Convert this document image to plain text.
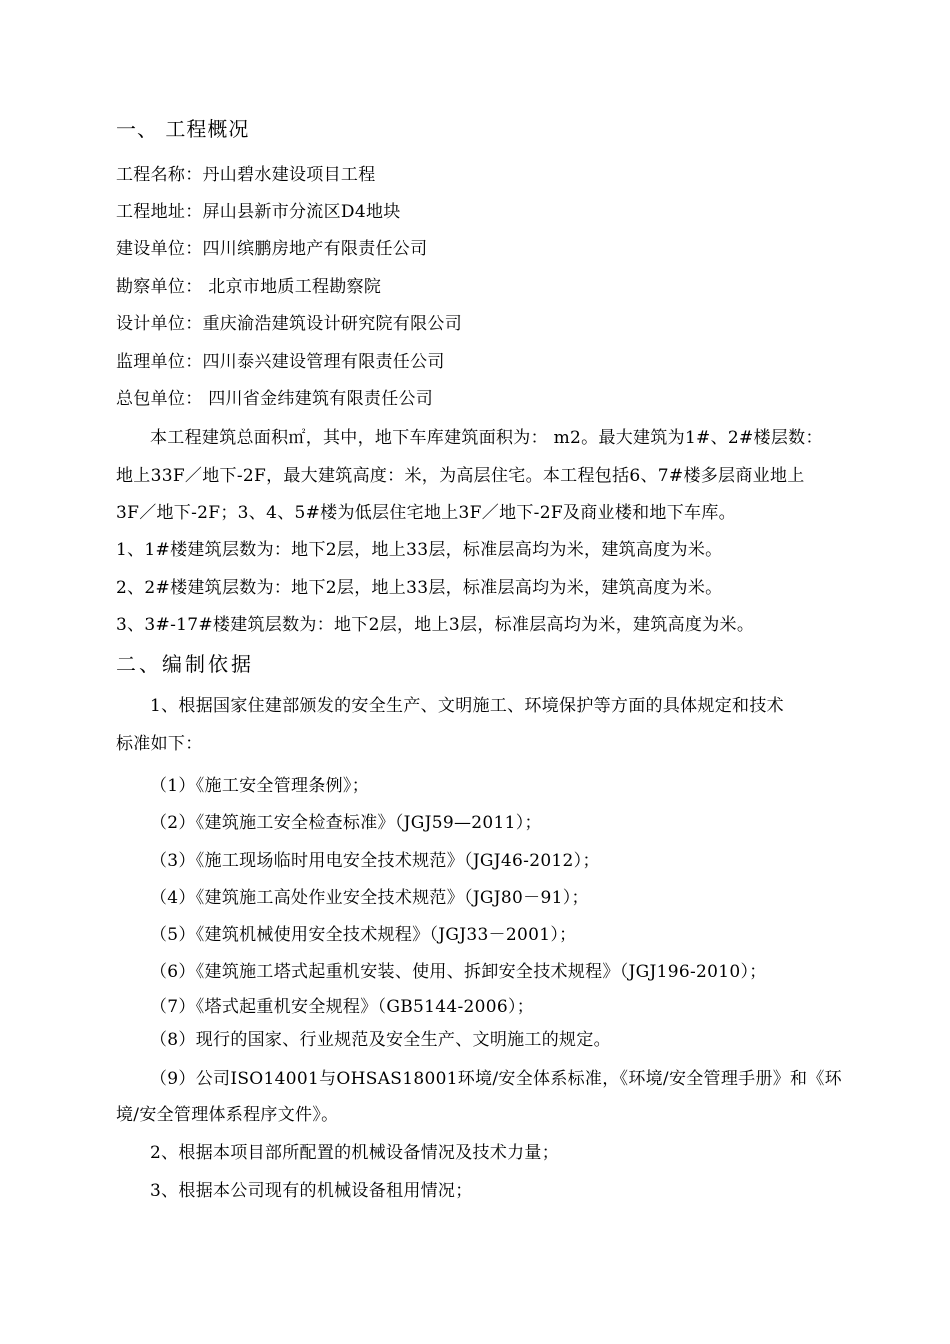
一、 工程概况
工程名称：丹山碧水建设项目工程
工程地址：屏山县新市分流区D4地块
建设单位：四川缤鹏房地产有限责任公司
勘察单位： 北京市地质工程勘察院
设计单位：重庆渝浩建筑设计研究院有限公司
监理单位：四川泰兴建设管理有限责任公司
总包单位： 四川省金纬建筑有限责任公司
本工程建筑总面积㎡，其中，地下车库建筑面积为： m2。最大建筑为1#、2#楼层数：
地上33F／地下-2F，最大建筑高度：米，为高层住宅。本工程包括6、7#楼多层商业地上
3F／地下-2F；3、4、5#楼为低层住宅地上3F／地下-2F及商业楼和地下车库。
1、1#楼建筑层数为：地下2层，地上33层，标准层高均为米，建筑高度为米。
2、2#楼建筑层数为：地下2层，地上33层，标准层高均为米，建筑高度为米。
3、3#-17#楼建筑层数为：地下2层，地上3层，标准层高均为米，建筑高度为米。
二、编制依据
1、根据国家住建部颁发的安全生产、文明施工、环境保护等方面的具体规定和技术
标准如下：
（1）《施工安全管理条例》；
（2）《建筑施工安全检查标准》（JGJ59—2011）；
（3）《施工现场临时用电安全技术规范》（JGJ46-2012）；
（4）《建筑施工高处作业安全技术规范》（JGJ80－91）；
（5）《建筑机械使用安全技术规程》（JGJ33－2001）；
（6）《建筑施工塔式起重机安装、使用、拆卸安全技术规程》（JGJ196-2010）；
（7）《塔式起重机安全规程》（GB5144-2006）；
（8）现行的国家、行业规范及安全生产、文明施工的规定。
（9）公司ISO14001与OHSAS18001环境/安全体系标准，《环境/安全管理手册》和《环
境/安全管理体系程序文件》。
2、根据本项目部所配置的机械设备情况及技术力量；
3、根据本公司现有的机械设备租用情况；
